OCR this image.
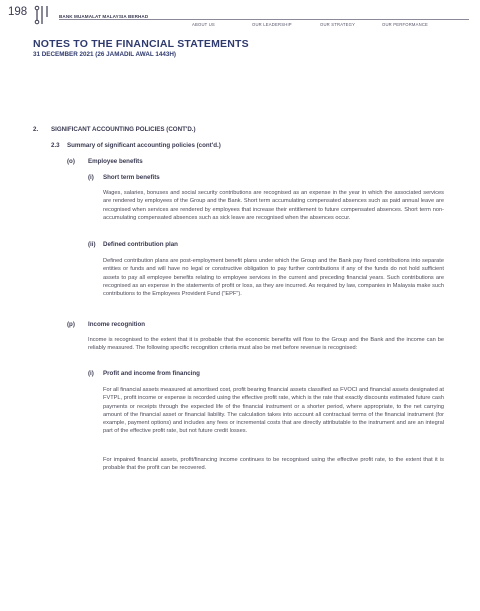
198	BANK MUAMALAT MALAYSIA BERHAD
ABOUT US	OUR LEADERSHIP	OUR STRATEGY	OUR PERFORMANCE
NOTES TO THE FINANCIAL STATEMENTS
31 DECEMBER 2021 (26 JAMADIL AWAL 1443H)
2. SIGNIFICANT ACCOUNTING POLICIES (CONT'D.)
2.3 Summary of significant accounting policies (cont'd.)
(o) Employee benefits
(i) Short term benefits

Wages, salaries, bonuses and social security contributions are recognised as an expense in the year in which the associated services are rendered by employees of the Group and the Bank. Short term accumulating compensated absences such as paid annual leave are recognised when services are rendered by employees that increase their entitlement to future compensated absences. Short term non-accumulating compensated absences such as sick leave are recognised when the absences occur.

(ii) Defined contribution plan

Defined contribution plans are post-employment benefit plans under which the Group and the Bank pay fixed contributions into separate entities or funds and will have no legal or constructive obligation to pay further contributions if any of the funds do not hold sufficient assets to pay all employee benefits relating to employee services in the current and preceding financial years. Such contributions are recognised as an expense in the statements of profit or loss, as they are incurred. As required by law, companies in Malaysia make such contributions to the Employees Provident Fund ("EPF").

(p) Income recognition

Income is recognised to the extent that it is probable that the economic benefits will flow to the Group and the Bank and the income can be reliably measured. The following specific recognition criteria must also be met before revenue is recognised:

(i) Profit and income from financing

For all financial assets measured at amortised cost, profit bearing financial assets classified as FVOCI and financial assets designated at FVTPL, profit income or expense is recorded using the effective profit rate, which is the rate that exactly discounts estimated future cash payments or receipts through the expected life of the financial instrument or a shorter period, where appropriate, to the net carrying amount of the financial asset or financial liability. The calculation takes into account all contractual terms of the financial instrument (for example, payment options) and includes any fees or incremental costs that are directly attributable to the instrument and are an integral part of the effective profit rate, but not future credit losses.

For impaired financial assets, profit/financing income continues to be recognised using the effective profit rate, to the extent that it is probable that the profit can be recovered.
